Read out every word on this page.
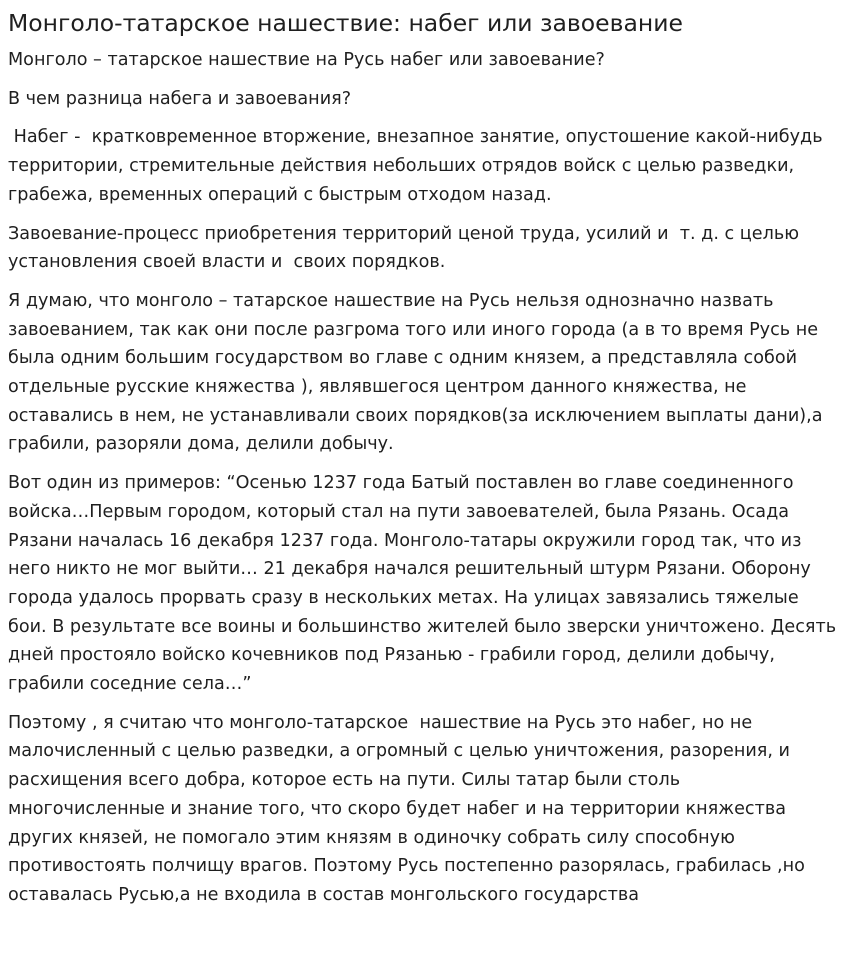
Монголо-татарское нашествие: набег или завоевание

Монголо – татарское нашествие на Русь набег или завоевание?

В чем разница набега и завоевания?

Набег -  кратковременное вторжение, внезапное занятие, опустошение какой-нибудь территории, стремительные действия небольших отрядов войск с целью разведки, грабежа, временных операций с быстрым отходом назад.

Завоевание-процесс приобретения территорий ценой труда, усилий и  т. д. с целью установления своей власти и  своих порядков.

Я думаю, что монголо – татарское нашествие на Русь нельзя однозначно назвать завоеванием, так как они после разгрома того или иного города (а в то время Русь не была одним большим государством во главе с одним князем, а представляла собой отдельные русские княжества ), являвшегося центром данного княжества, не оставались в нем, не устанавливали своих порядков(за исключением выплаты дани),а грабили, разоряли дома, делили добычу.

Вот один из примеров: “Осенью 1237 года Батый поставлен во главе соединенного войска…Первым городом, который стал на пути завоевателей, была Рязань. Осада Рязани началась 16 декабря 1237 года. Монголо-татары окружили город так, что из него никто не мог выйти… 21 декабря начался решительный штурм Рязани. Оборону города удалось прорвать сразу в нескольких метах. На улицах завязались тяжелые бои. В результате все воины и большинство жителей было зверски уничтожено. Десять дней простояло войско кочевников под Рязанью - грабили город, делили добычу, грабили соседние села…”

Поэтому , я считаю что монголо-татарское  нашествие на Русь это набег, но не малочисленный с целью разведки, а огромный с целью уничтожения, разорения, и расхищения всего добра, которое есть на пути. Силы татар были столь многочисленные и знание того, что скоро будет набег и на территории княжества других князей, не помогало этим князям в одиночку собрать силу способную противостоять полчищу врагов. Поэтому Русь постепенно разорялась, грабилась ,но оставалась Русью,а не входила в состав монгольского государства
